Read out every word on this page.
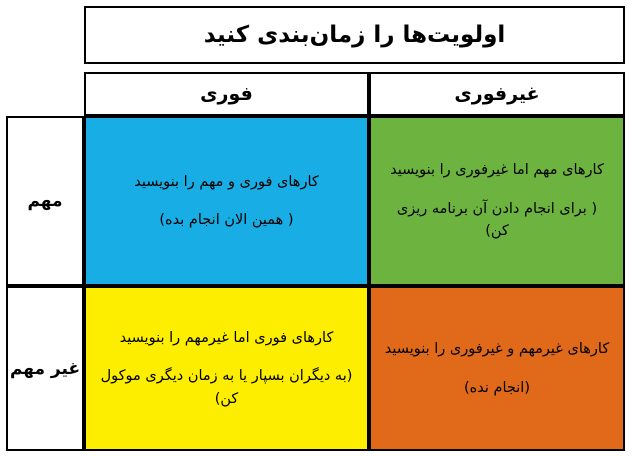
اولویت‌ها را زمان‌بندی کنید
فوری	غیرفوری
مهم
غیر مهم
کارهای فوری و مهم را بنویسید
( همین الان انجام بده)
کارهای مهم اما غیرفوری را بنویسید
( برای انجام دادن آن برنامه ریزی کن)
کارهای فوری اما غیرمهم را بنویسید
(به دیگران بسپار یا به زمان دیگری موکول کن)
کارهای غیرمهم و غیرفوری را بنویسید
(انجام نده)
